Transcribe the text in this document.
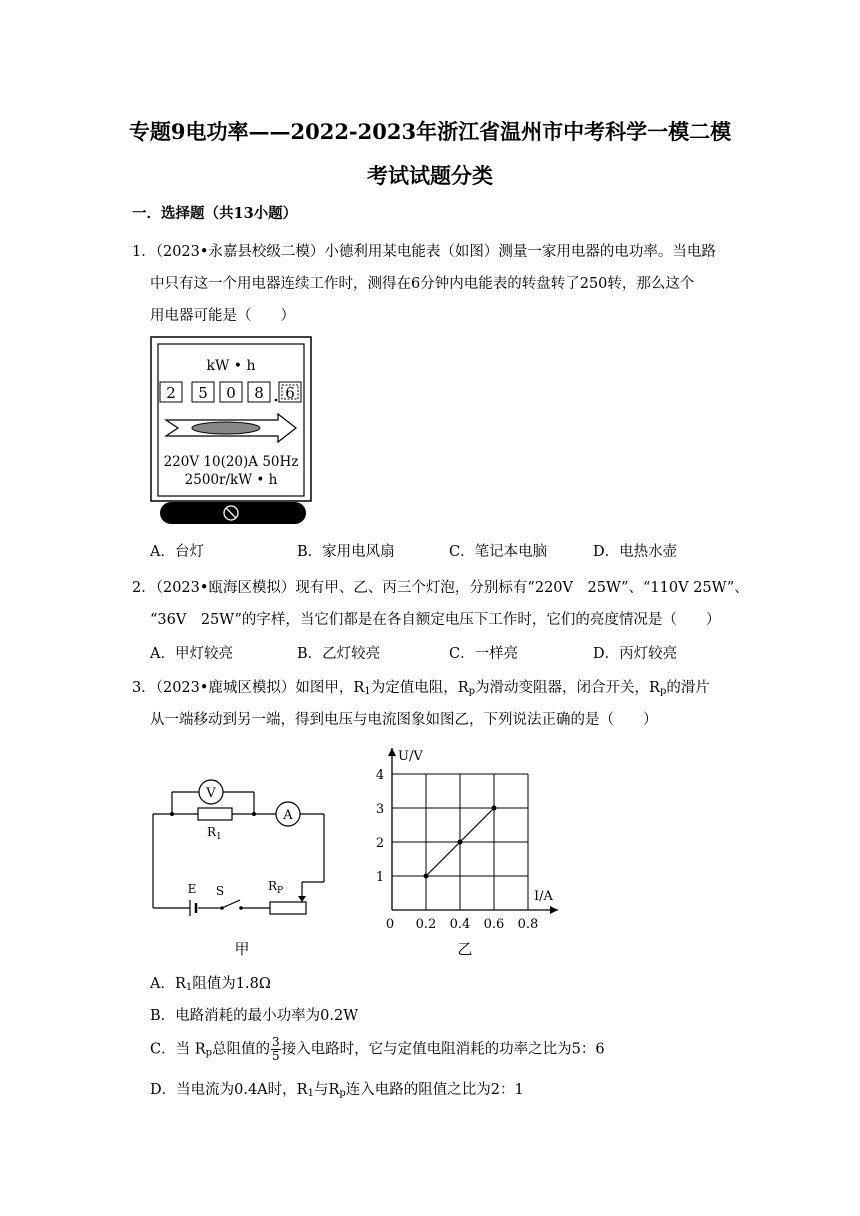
专题9电功率——2022-2023年浙江省温州市中考科学一模二模
考试试题分类
一．选择题（共13小题）
1．（2023•永嘉县校级二模）小德利用某电能表（如图）测量一家用电器的电功率。当电路
中只有这一个用电器连续工作时，测得在6分钟内电能表的转盘转了250转，那么这个
用电器可能是（　　）
kW • h
2 5 0 8 6
220V 10(20)A 50Hz
2500r/kW • h
A．台灯	B．家用电风扇	C．笔记本电脑	D．电热水壶
2．（2023•瓯海区模拟）现有甲、乙、丙三个灯泡，分别标有“220V　25W”、“110V 25W”、
“36V　25W”的字样，当它们都是在各自额定电压下工作时，它们的亮度情况是（　　）
A．甲灯较亮	B．乙灯较亮	C．一样亮	D．丙灯较亮
3．（2023•鹿城区模拟）如图甲，$R_1$为定值电阻，$R_p$为滑动变阻器，闭合开关，$R_p$的滑片
从一端移动到另一端，得到电压与电流图象如图乙，下列说法正确的是（　　）
V
$R_1$
A
E S	$R_P$
甲
U/V
I/A
0 0.2 0.4 0.6 0.8
1
2
3
4
乙
A．$R_1$阻值为1.8Ω
B．电路消耗的最小功率为0.2W
C．当 $R_p$总阻值的 $\frac{3}{5}$ 接入电路时，它与定值电阻消耗的功率之比为5：6
D．当电流为0.4A时，$R_1$与$R_p$连入电路的阻值之比为2：1
